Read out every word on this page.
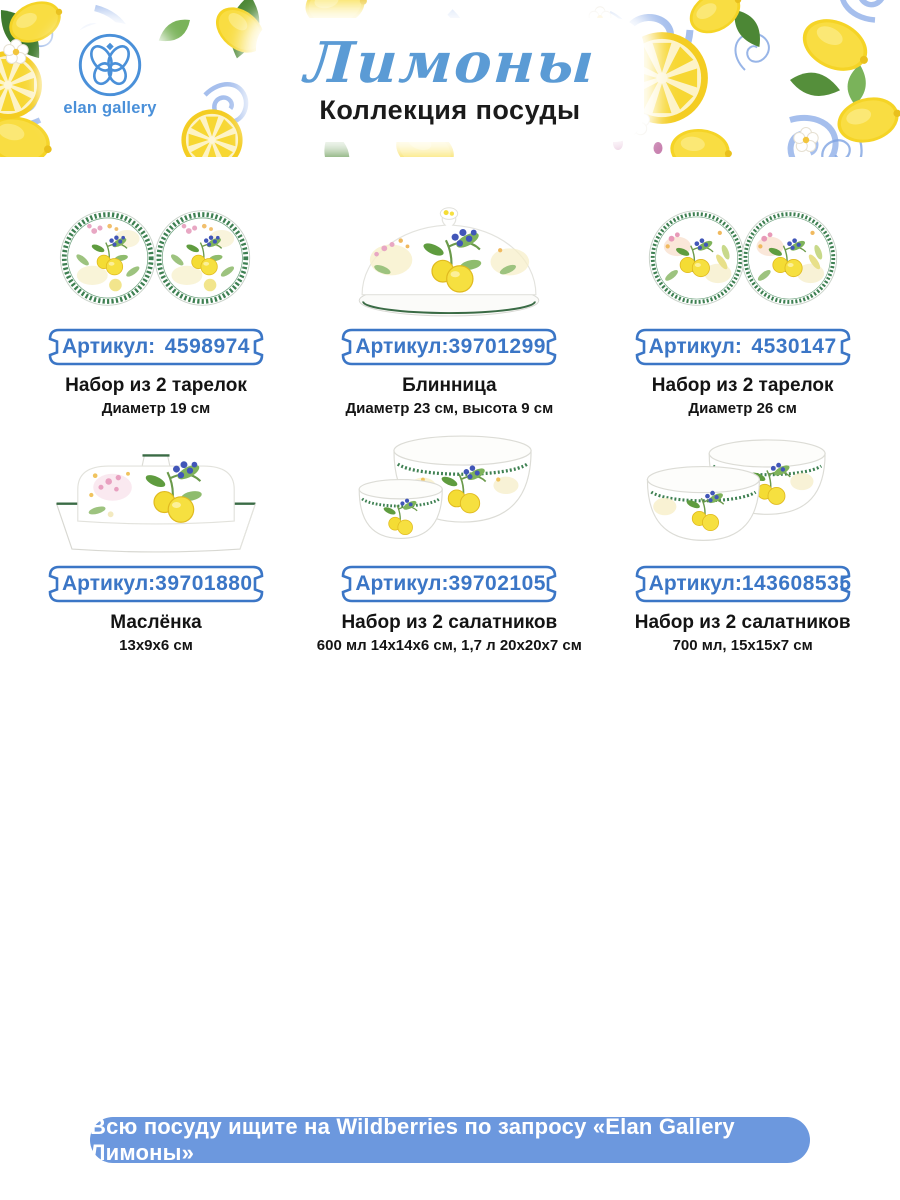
Лимоны
Коллекция посуды
elan gallery
Артикул: 4598974
Набор из 2 тарелок
Диаметр 19 см
Артикул: 39701299
Блинница
Диаметр 23 см, высота 9 см
Артикул: 4530147
Набор из 2 тарелок
Диаметр 26 см
Артикул: 39701880
Маслёнка
13х9х6 см
Артикул: 39702105
Набор из 2 салатников
600 мл 14х14х6 см, 1,7 л 20х20х7 см
Артикул: 143608535
Набор из 2 салатников
700 мл, 15х15х7 см
Всю посуду ищите на Wildberries по запросу «Elan Gallery Лимоны»
